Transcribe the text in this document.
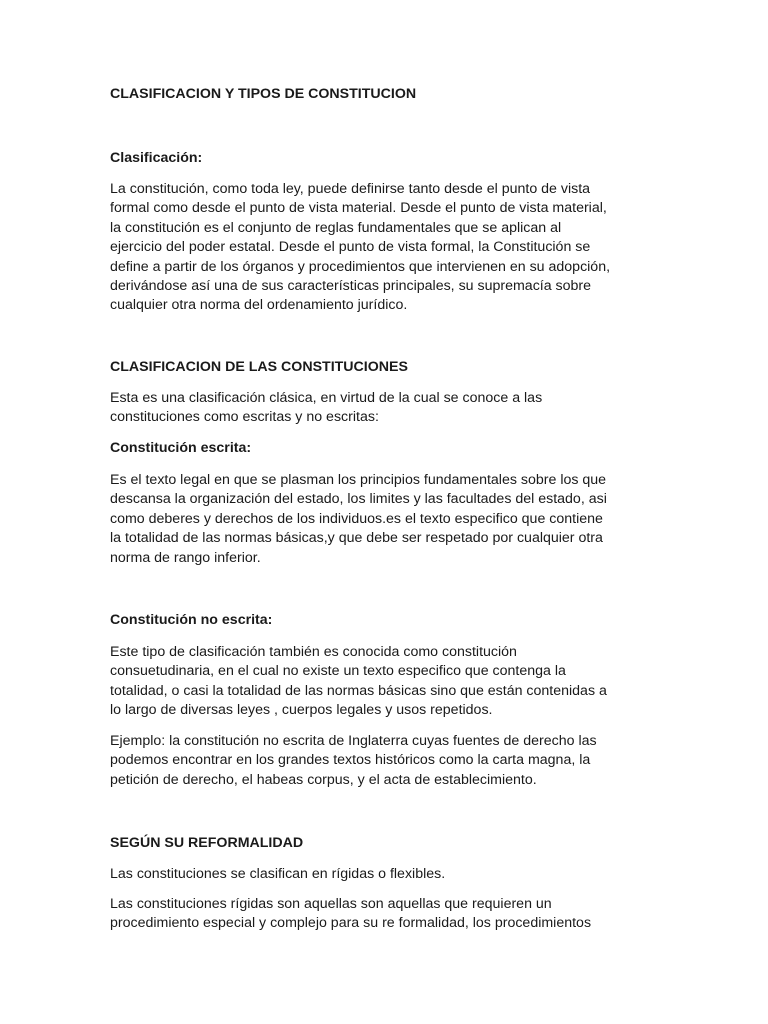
CLASIFICACION Y TIPOS DE CONSTITUCION
Clasificación:
La constitución, como toda ley, puede definirse tanto desde el punto de vista
formal como desde el punto de vista material. Desde el punto de vista material,
la constitución es el conjunto de reglas fundamentales que se aplican al
ejercicio del poder estatal. Desde el punto de vista formal, la Constitución se
define a partir de los órganos y procedimientos que intervienen en su adopción,
derivándose así una de sus características principales, su supremacía sobre
cualquier otra norma del ordenamiento jurídico.
CLASIFICACION DE LAS CONSTITUCIONES
Esta es una clasificación clásica, en virtud de la cual se conoce a las
constituciones como escritas y no escritas:
Constitución escrita:
Es el texto legal en que se plasman los principios fundamentales sobre los que
descansa la organización del estado, los limites y las facultades del estado, asi
como deberes y derechos de los individuos.es el texto especifico que contiene
la totalidad de las normas básicas,y que debe ser respetado por cualquier otra
norma de rango inferior.
Constitución no escrita:
Este tipo de clasificación también es conocida como constitución
consuetudinaria, en el cual no existe un texto especifico que contenga la
totalidad, o casi la totalidad de las normas básicas sino que están contenidas a
lo largo de diversas leyes , cuerpos legales y usos repetidos.
Ejemplo: la constitución no escrita de Inglaterra cuyas fuentes de derecho las
podemos encontrar en los grandes textos históricos como la carta magna, la
petición de derecho, el habeas corpus, y el acta de establecimiento.
SEGÚN SU REFORMALIDAD
Las constituciones se clasifican en rígidas o flexibles.
Las constituciones rígidas son aquellas son aquellas que requieren un
procedimiento especial y complejo para su re formalidad, los procedimientos
